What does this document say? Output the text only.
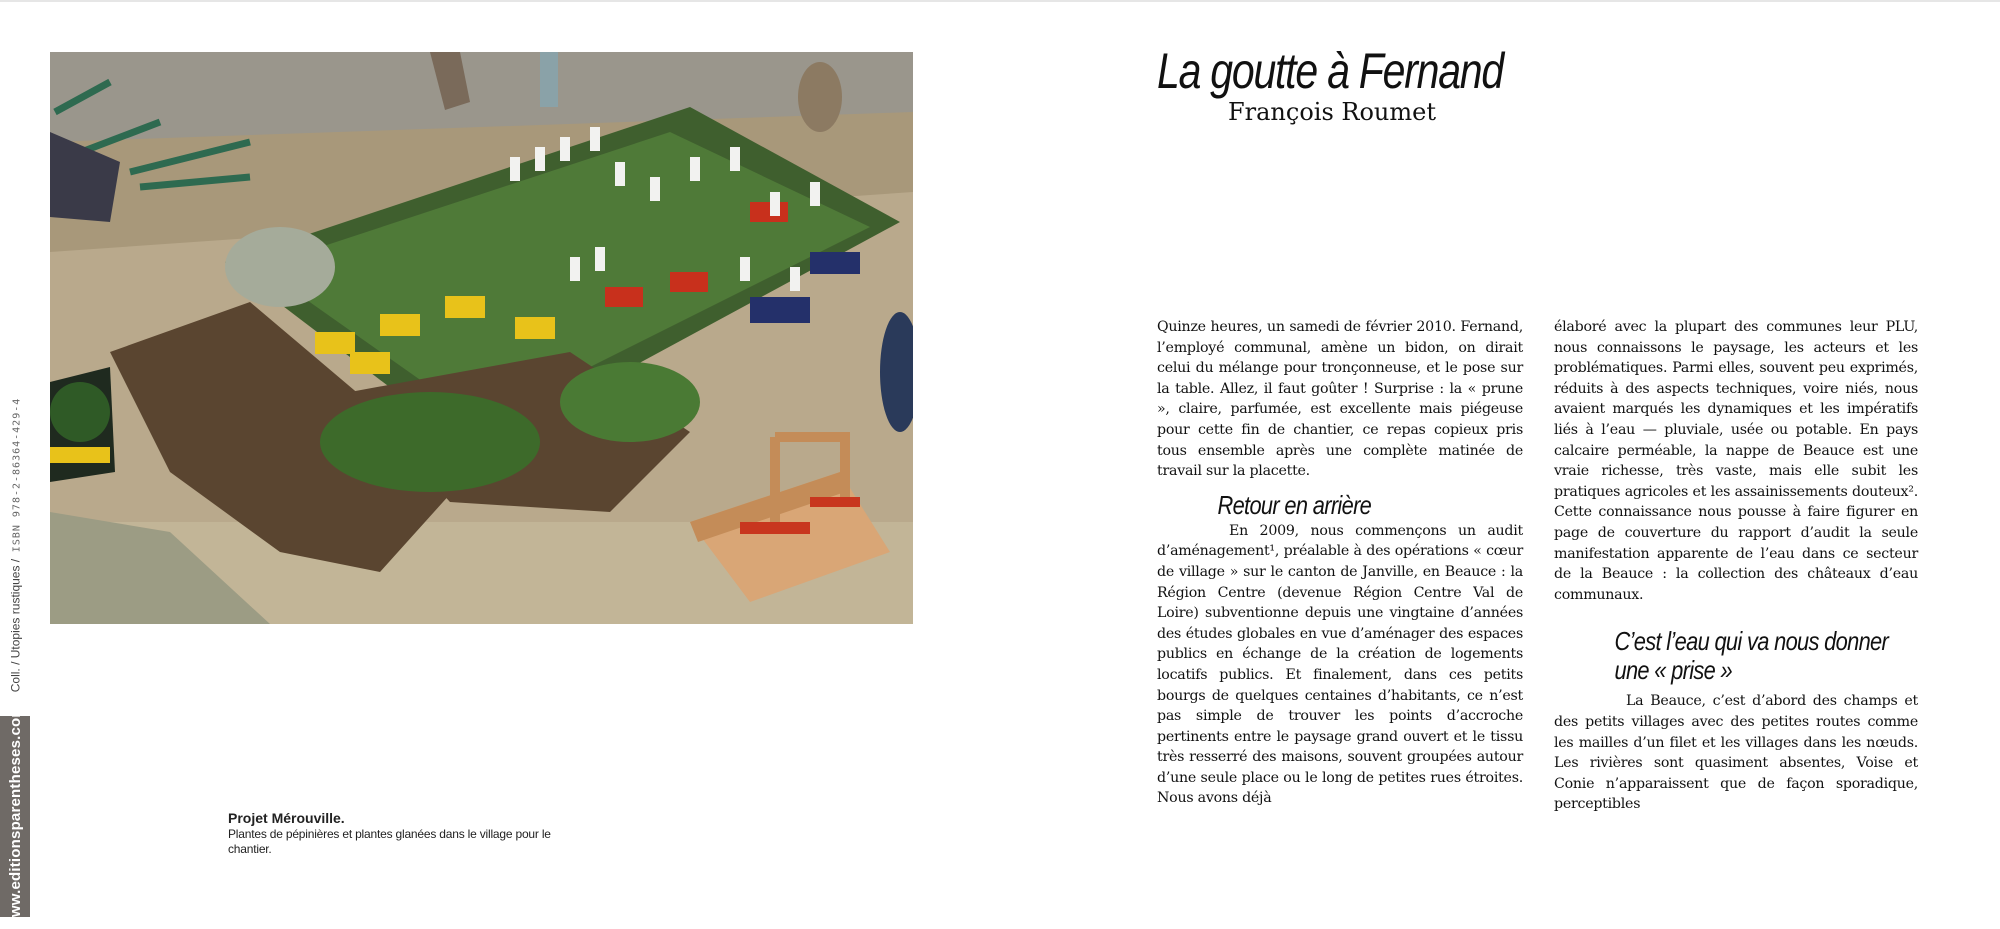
Coll. / Utopies rustiques /  ISBN 978-2-86364-429-4
www.editionsparentheses.com	Projet Mérouville.
Plantes de pépinières et plantes glanées dans le village pour le chantier.
La goutte à Fernand
François Roumet

Quinze heures, un samedi de février 2010. Fernand, l’employé communal, amène un bidon, on dirait celui du mélange pour tronçonneuse, et le pose sur la table. Allez, il faut goûter ! Surprise : la « prune », claire, parfumée, est excellente mais piégeuse pour cette fin de chantier, ce repas copieux pris tous ensemble après une complète matinée de travail sur la placette.

Retour en arrière

En 2009, nous commençons un audit d’aménagement¹, préalable à des opérations « cœur de village » sur le canton de Janville, en Beauce : la Région Centre (devenue Région Centre Val de Loire) subventionne depuis une vingtaine d’années des études globales en vue d’aménager des espaces publics en échange de la création de logements locatifs publics. Et finalement, dans ces petits bourgs de quelques centaines d’habitants, ce n’est pas simple de trouver les points d’accroche pertinents entre le paysage grand ouvert et le tissu très resserré des maisons, souvent groupées autour d’une seule place ou le long de petites rues étroites. Nous avons déjà

élaboré avec la plupart des communes leur PLU, nous connaissons le paysage, les acteurs et les problématiques. Parmi elles, souvent peu exprimés, réduits à des aspects techniques, voire niés, nous avaient marqués les dynamiques et les impératifs liés à l’eau — pluviale, usée ou potable. En pays calcaire perméable, la nappe de Beauce est une vraie richesse, très vaste, mais elle subit les pratiques agricoles et les assainissements douteux². Cette connaissance nous pousse à faire figurer en page de couverture du rapport d’audit la seule manifestation apparente de l’eau dans ce secteur de la Beauce : la collection des châteaux d’eau communaux.

C’est l’eau qui va nous donner
une « prise »

La Beauce, c’est d’abord des champs et des petits villages avec des petites routes comme les mailles d’un filet et les villages dans les nœuds. Les rivières sont quasiment absentes, Voise et Conie n’apparaissent que de façon sporadique, perceptibles
